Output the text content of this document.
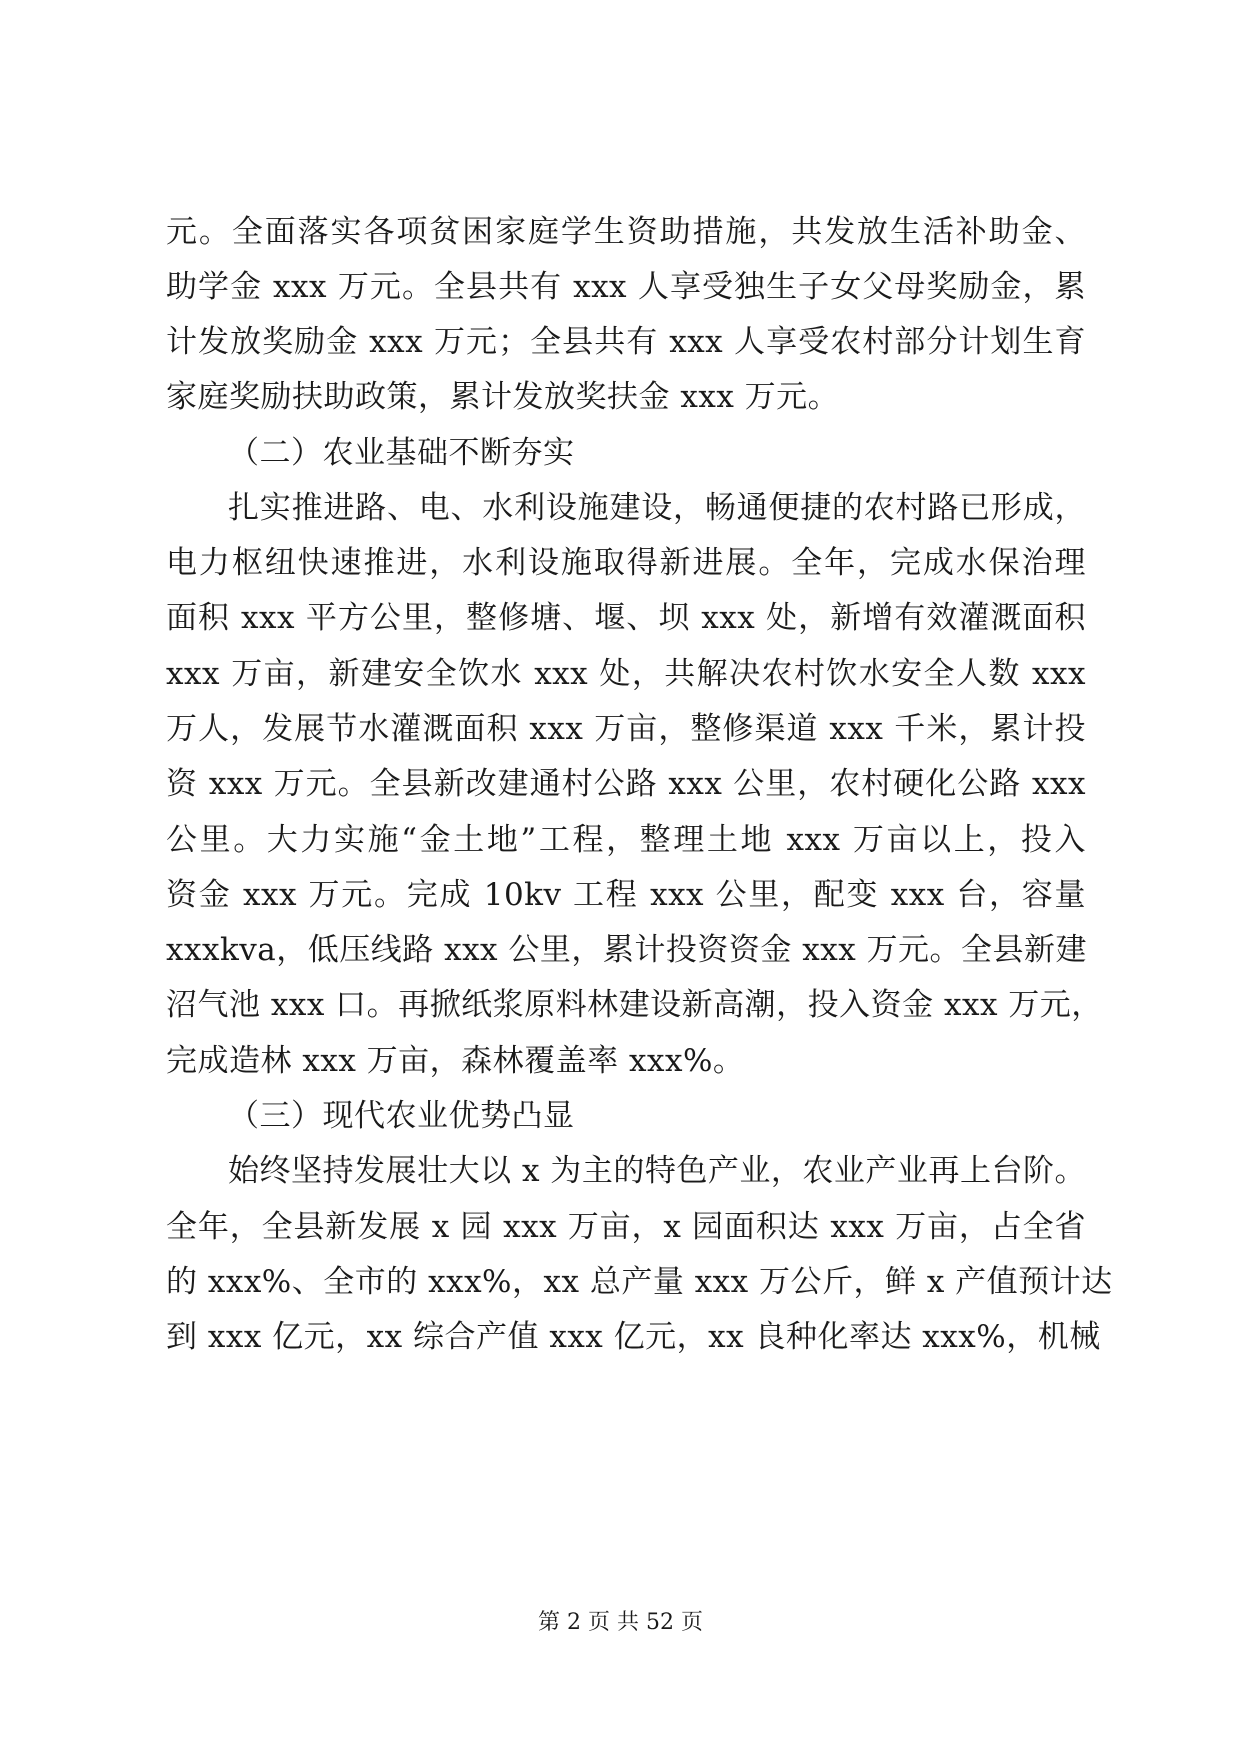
元。全面落实各项贫困家庭学生资助措施，共发放生活补助金、
助学金 xxx 万元。全县共有 xxx 人享受独生子女父母奖励金，累
计发放奖励金 xxx 万元；全县共有 xxx 人享受农村部分计划生育
家庭奖励扶助政策，累计发放奖扶金 xxx 万元。
（二）农业基础不断夯实
扎实推进路、电、水利设施建设，畅通便捷的农村路已形成，
电力枢纽快速推进，水利设施取得新进展。全年，完成水保治理
面积 xxx 平方公里，整修塘、堰、坝 xxx 处，新增有效灌溉面积
xxx 万亩，新建安全饮水 xxx 处，共解决农村饮水安全人数 xxx
万人，发展节水灌溉面积 xxx 万亩，整修渠道 xxx 千米，累计投
资 xxx 万元。全县新改建通村公路 xxx 公里，农村硬化公路 xxx
公里。大力实施“金土地”工程，整理土地 xxx 万亩以上，投入
资金 xxx 万元。完成 10kv 工程 xxx 公里，配变 xxx 台，容量
xxxkva，低压线路 xxx 公里，累计投资资金 xxx 万元。全县新建
沼气池 xxx 口。再掀纸浆原料林建设新高潮，投入资金 xxx 万元，
完成造林 xxx 万亩，森林覆盖率 xxx%。
（三）现代农业优势凸显
始终坚持发展壮大以 x 为主的特色产业，农业产业再上台阶。
全年，全县新发展 x 园 xxx 万亩，x 园面积达 xxx 万亩，占全省
的 xxx%、全市的 xxx%，xx 总产量 xxx 万公斤，鲜 x 产值预计达
到 xxx 亿元，xx 综合产值 xxx 亿元，xx 良种化率达 xxx%，机械
第 2 页 共 52 页
